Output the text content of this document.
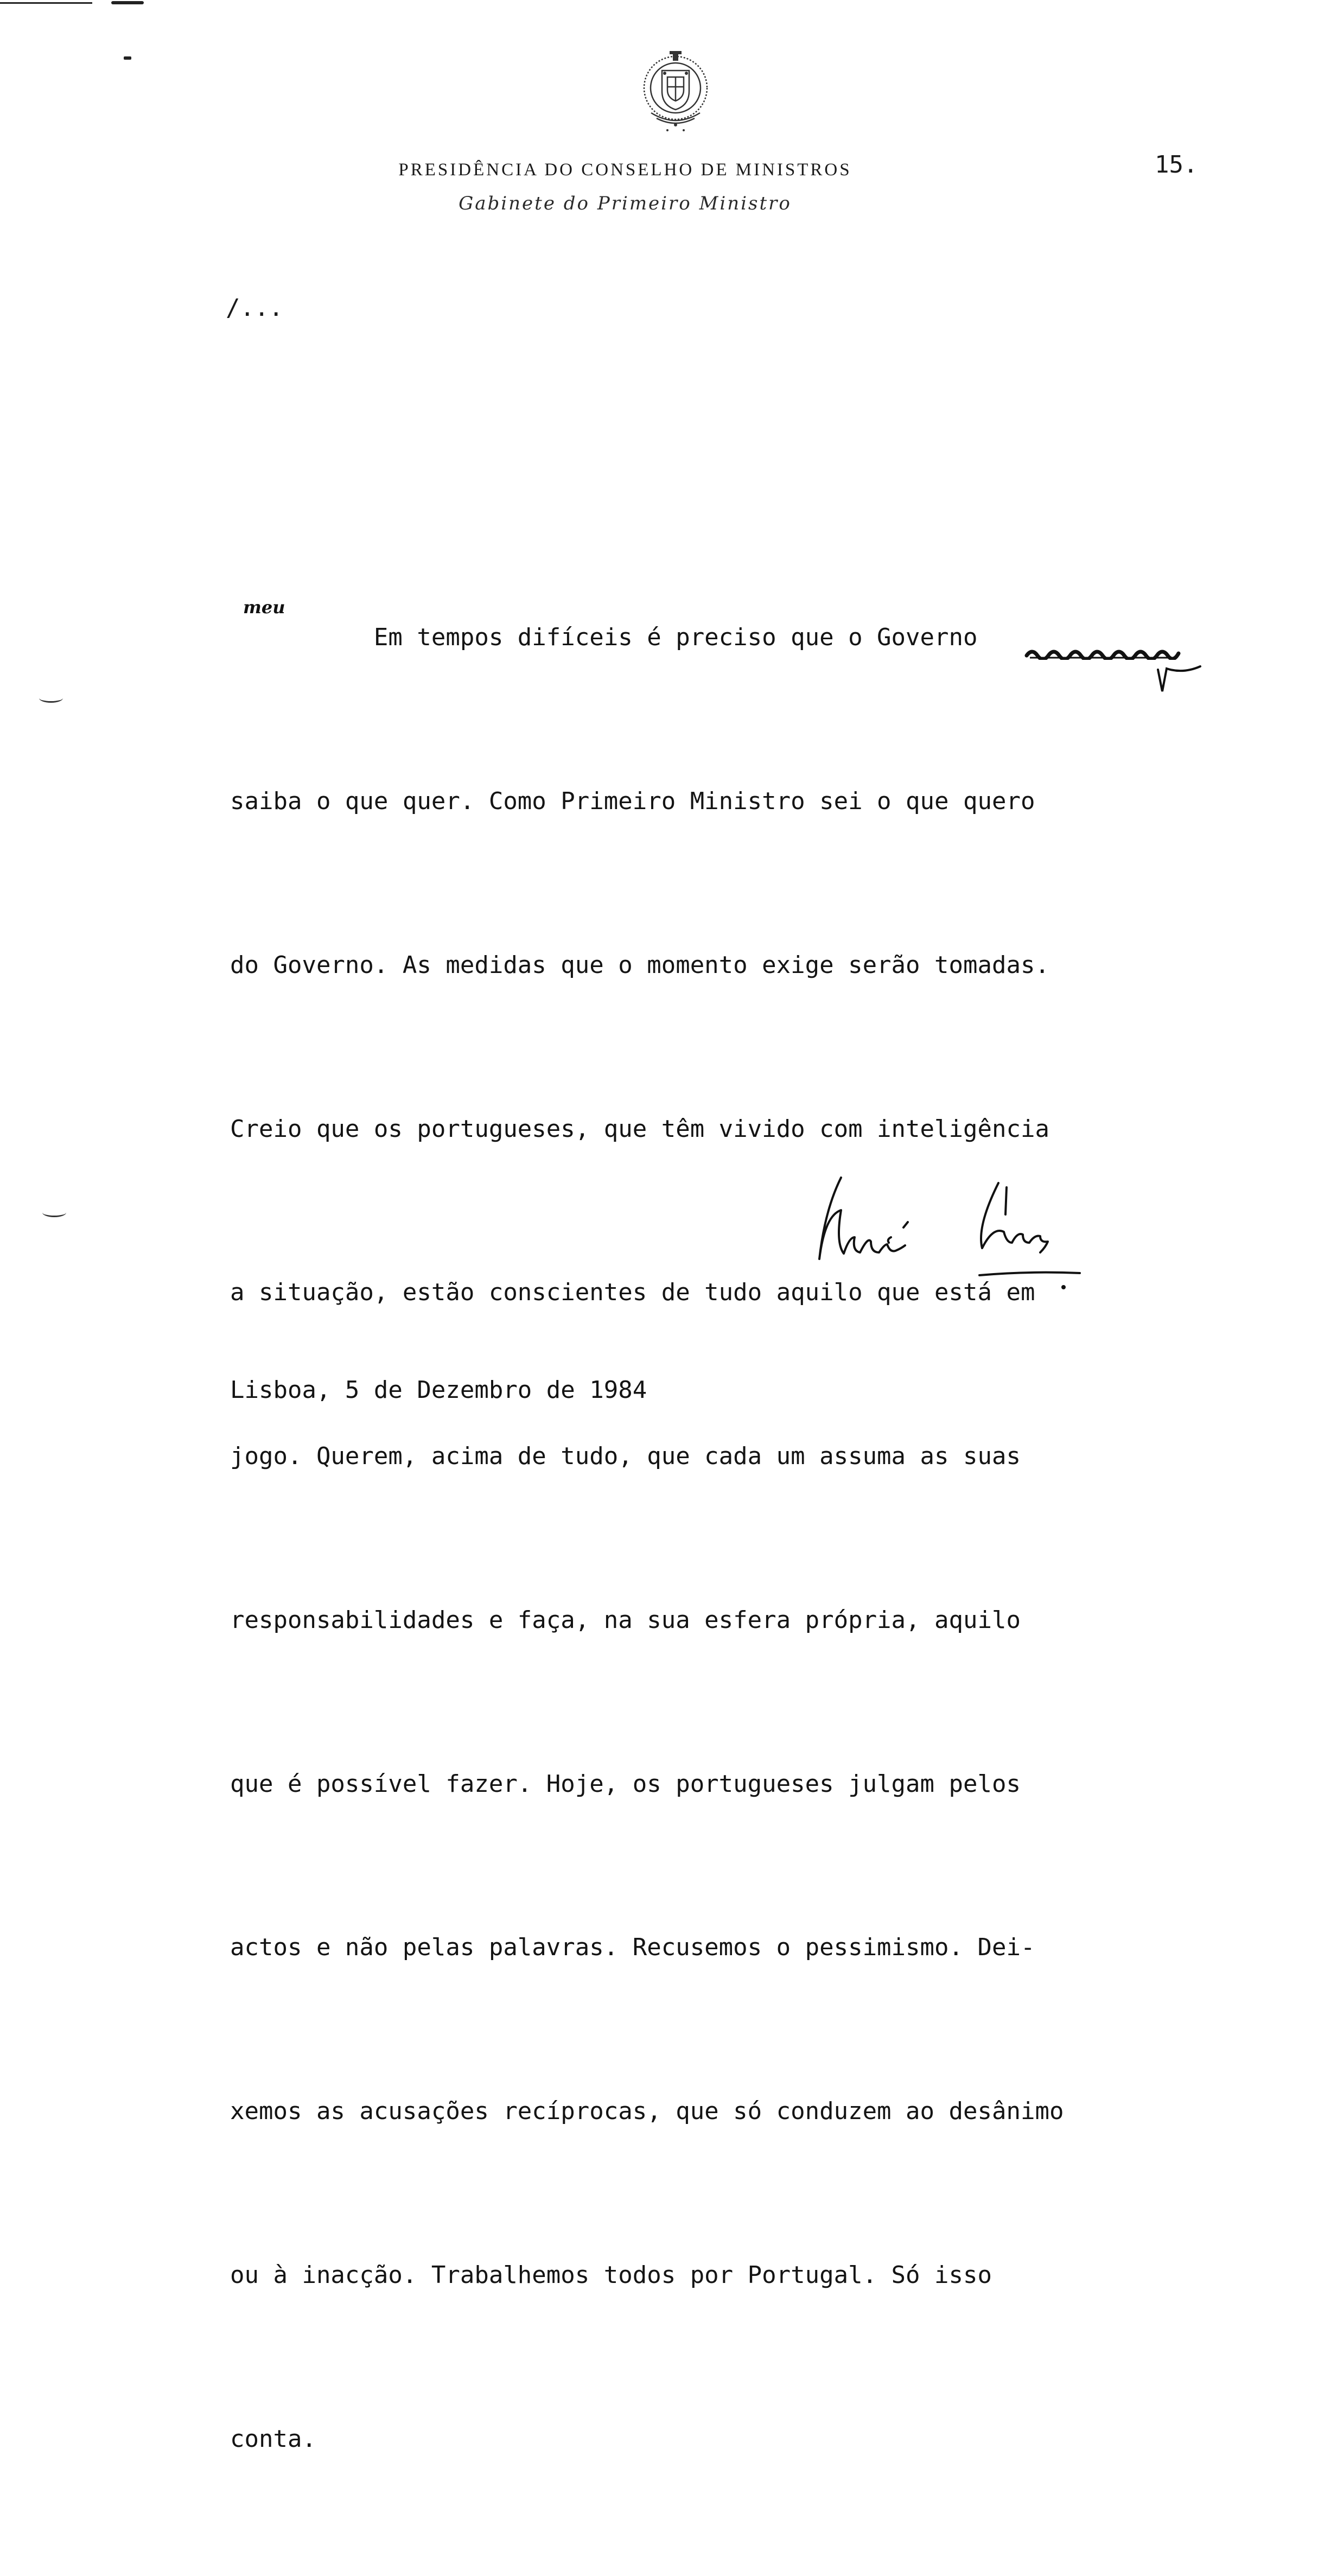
PRESIDÊNCIA DO CONSELHO DE MINISTROS
Gabinete do Primeiro Ministro
15.
/...

Em tempos difíceis é preciso que o Governo

saiba o que quer. Como Primeiro Ministro sei o que quero

do Governo. As medidas que o momento exige serão tomadas.

Creio que os portugueses, que têm vivido com inteligência

a situação, estão conscientes de tudo aquilo que está em

jogo. Querem, acima de tudo, que cada um assuma as suas

responsabilidades e faça, na sua esfera própria, aquilo

que é possível fazer. Hoje, os portugueses julgam pelos

actos e não pelas palavras. Recusemos o pessimismo. Dei-

xemos as acusações recíprocas, que só conduzem ao desânimo

ou à inacção. Trabalhemos todos por Portugal. Só isso

conta.

meu
Lisboa, 5 de Dezembro de 1984
